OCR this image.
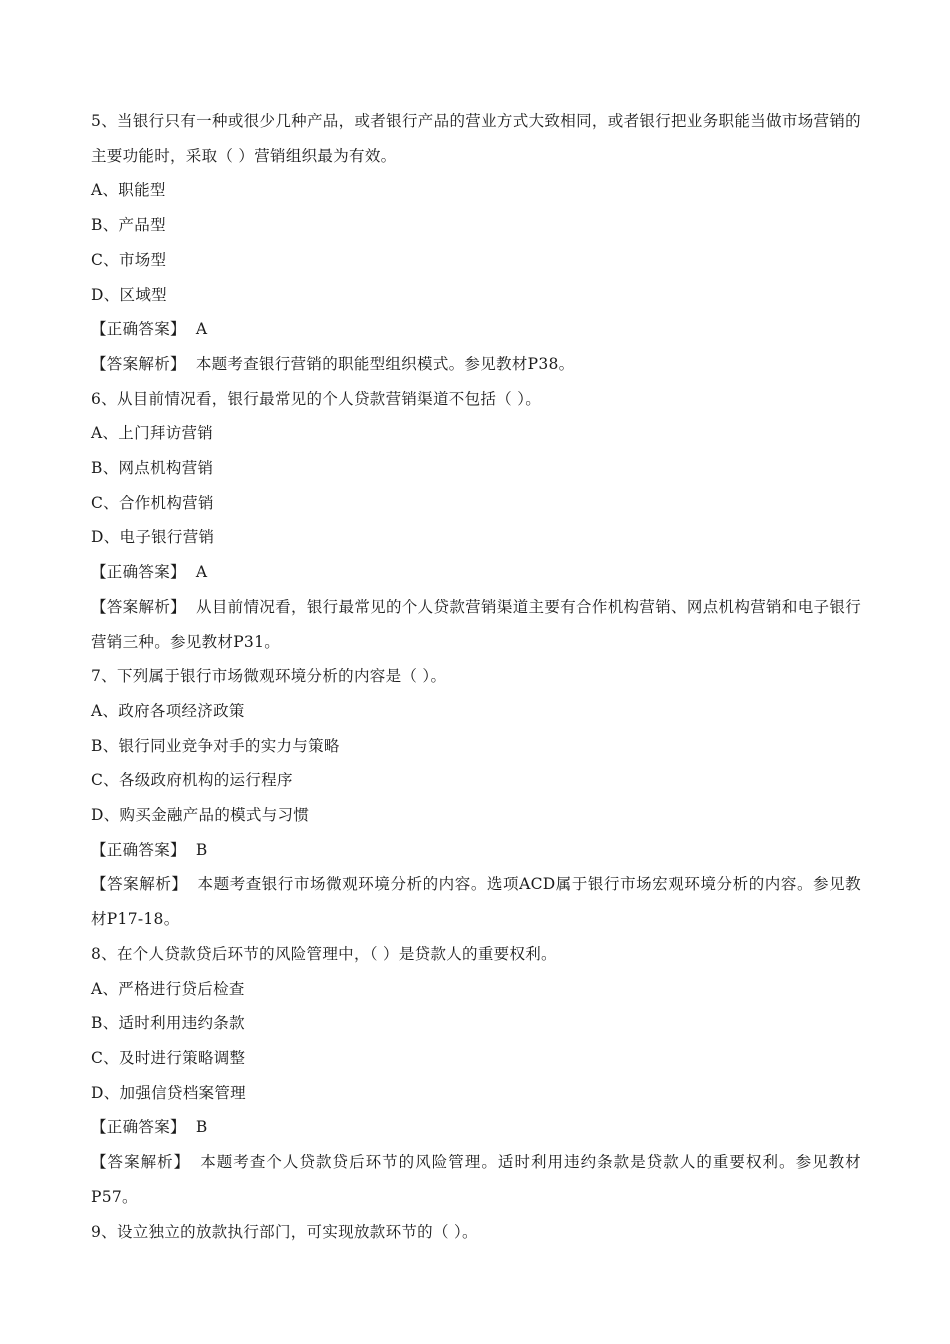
5、当银行只有一种或很少几种产品，或者银行产品的营业方式大致相同，或者银行把业务职能当做市场营销的主要功能时，采取（ ）营销组织最为有效。
A、职能型
B、产品型
C、市场型
D、区域型
【正确答案】 A
【答案解析】 本题考查银行营销的职能型组织模式。参见教材P38。
6、从目前情况看，银行最常见的个人贷款营销渠道不包括（ ）。
A、上门拜访营销
B、网点机构营销
C、合作机构营销
D、电子银行营销
【正确答案】 A
【答案解析】 从目前情况看，银行最常见的个人贷款营销渠道主要有合作机构营销、网点机构营销和电子银行营销三种。参见教材P31。
7、下列属于银行市场微观环境分析的内容是（ ）。
A、政府各项经济政策
B、银行同业竞争对手的实力与策略
C、各级政府机构的运行程序
D、购买金融产品的模式与习惯
【正确答案】 B
【答案解析】 本题考查银行市场微观环境分析的内容。选项ACD属于银行市场宏观环境分析的内容。参见教材P17-18。
8、在个人贷款贷后环节的风险管理中，（ ）是贷款人的重要权利。
A、严格进行贷后检查
B、适时利用违约条款
C、及时进行策略调整
D、加强信贷档案管理
【正确答案】 B
【答案解析】 本题考查个人贷款贷后环节的风险管理。适时利用违约条款是贷款人的重要权利。参见教材P57。
9、设立独立的放款执行部门，可实现放款环节的（ ）。
